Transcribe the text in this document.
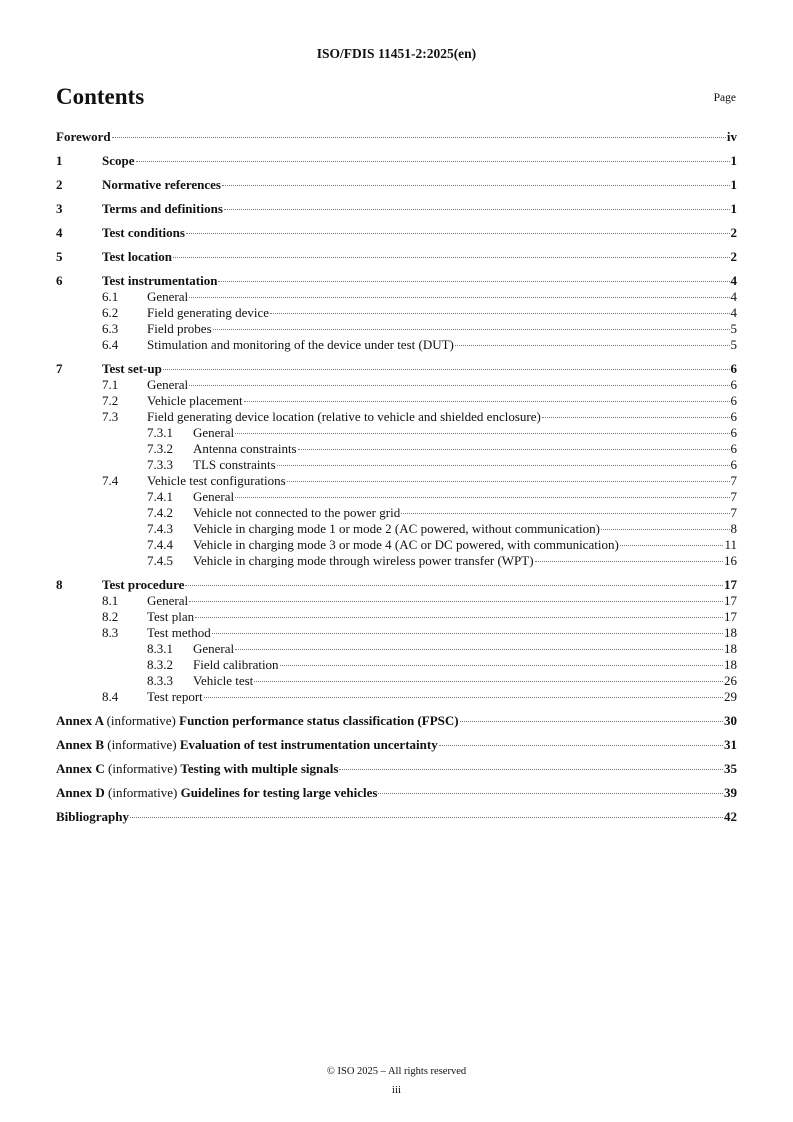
ISO/FDIS 11451-2:2025(en)
Contents	Page
Foreword	iv
1	Scope	1
2	Normative references	1
3	Terms and definitions	1
4	Test conditions	2
5	Test location	2
6	Test instrumentation	4
6.1	General	4
6.2	Field generating device	4
6.3	Field probes	5
6.4	Stimulation and monitoring of the device under test (DUT)	5
7	Test set-up	6
7.1	General	6
7.2	Vehicle placement	6
7.3	Field generating device location (relative to vehicle and shielded enclosure)	6
7.3.1	General	6
7.3.2	Antenna constraints	6
7.3.3	TLS constraints	6
7.4	Vehicle test configurations	7
7.4.1	General	7
7.4.2	Vehicle not connected to the power grid	7
7.4.3	Vehicle in charging mode 1 or mode 2 (AC powered, without communication)	8
7.4.4	Vehicle in charging mode 3 or mode 4 (AC or DC powered, with communication)	11
7.4.5	Vehicle in charging mode through wireless power transfer (WPT)	16
8	Test procedure	17
8.1	General	17
8.2	Test plan	17
8.3	Test method	18
8.3.1	General	18
8.3.2	Field calibration	18
8.3.3	Vehicle test	26
8.4	Test report	29
Annex A (informative) Function performance status classification (FPSC)	30
Annex B (informative) Evaluation of test instrumentation uncertainty	31
Annex C (informative) Testing with multiple signals	35
Annex D (informative) Guidelines for testing large vehicles	39
Bibliography	42
© ISO 2025 – All rights reserved
iii
